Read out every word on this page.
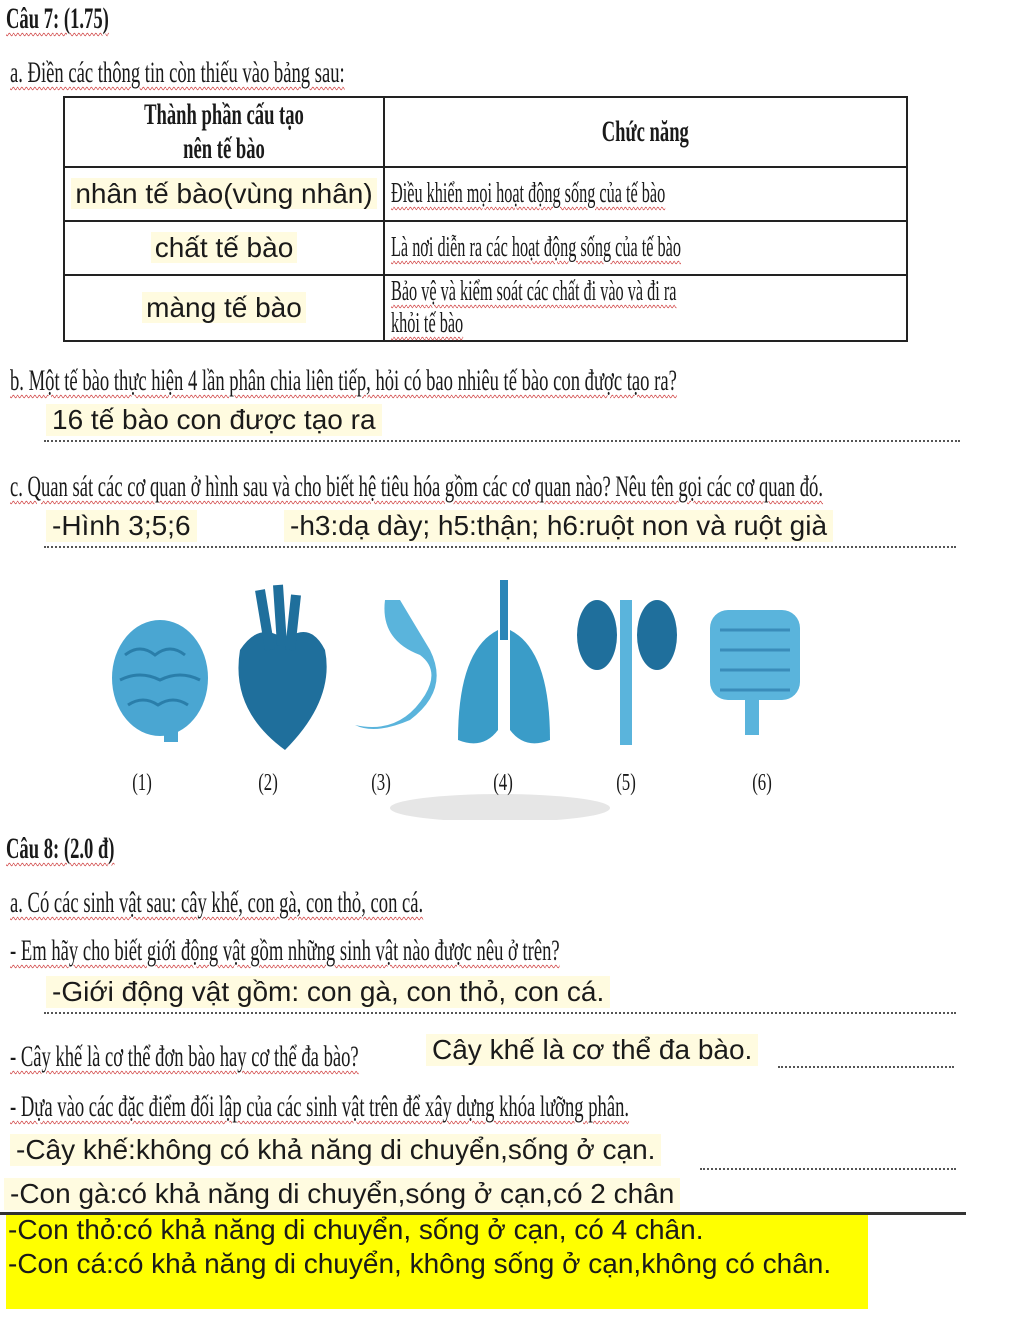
Câu 7: (1.75)
a. Điền các thông tin còn thiếu vào bảng sau:
Thành phần cấu tạo nên tế bào	Chức năng
nhân tế bào(vùng nhân)	Điều khiển mọi hoạt động sống của tế bào
chất tế bào	Là nơi diễn ra các hoạt động sống của tế bào
màng tế bào	Bảo vệ và kiểm soát các chất đi vào và đi ra khỏi tế bào
b. Một tế bào thực hiện 4 lần phân chia liên tiếp, hỏi có bao nhiêu tế bào con được tạo ra?
16 tế bào con được tạo ra
c. Quan sát các cơ quan ở hình sau và cho biết hệ tiêu hóa gồm các cơ quan nào? Nêu tên gọi các cơ quan đó.
-Hình 3;5;6	-h3:dạ dày; h5:thận; h6:ruột non và ruột già
(1)	(2)	(3)	(4)	(5)	(6)
Câu 8: (2.0 đ)
a. Có các sinh vật sau: cây khế, con gà, con thỏ, con cá.
- Em hãy cho biết giới động vật gồm những sinh vật nào được nêu ở trên?
-Giới động vật gồm: con gà, con thỏ, con cá.
- Cây khế là cơ thể đơn bào hay cơ thể đa bào?	Cây khế là cơ thể đa bào.
- Dựa vào các đặc điểm đối lập của các sinh vật trên để xây dựng khóa lưỡng phân.
-Cây khế:không có khả năng di chuyển,sống ở cạn.
-Con gà:có khả năng di chuyển,sóng ở cạn,có 2 chân
-Con thỏ:có khả năng di chuyển, sống ở cạn, có 4 chân.
-Con cá:có khả năng di chuyển, không sống ở cạn,không có chân.
